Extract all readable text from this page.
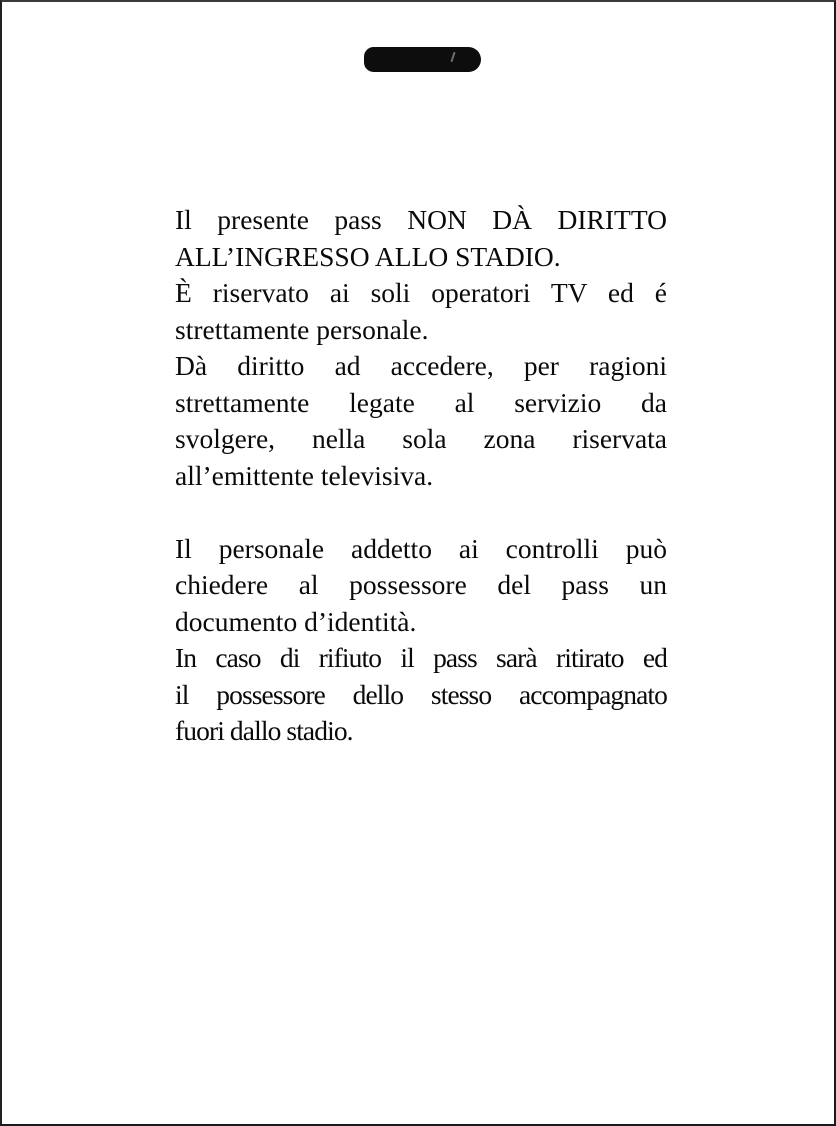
Il presente pass NON DÀ DIRITTO
ALL’INGRESSO ALLO STADIO.
È riservato ai soli operatori TV ed é
strettamente personale.
Dà diritto ad accedere, per ragioni
strettamente legate al servizio da
svolgere, nella sola zona riservata
all’emittente televisiva.
Il personale addetto ai controlli può
chiedere al possessore del pass un
documento d’identità.
In caso di rifiuto il pass sarà ritirato ed
il possessore dello stesso accompagnato
fuori dallo stadio.
